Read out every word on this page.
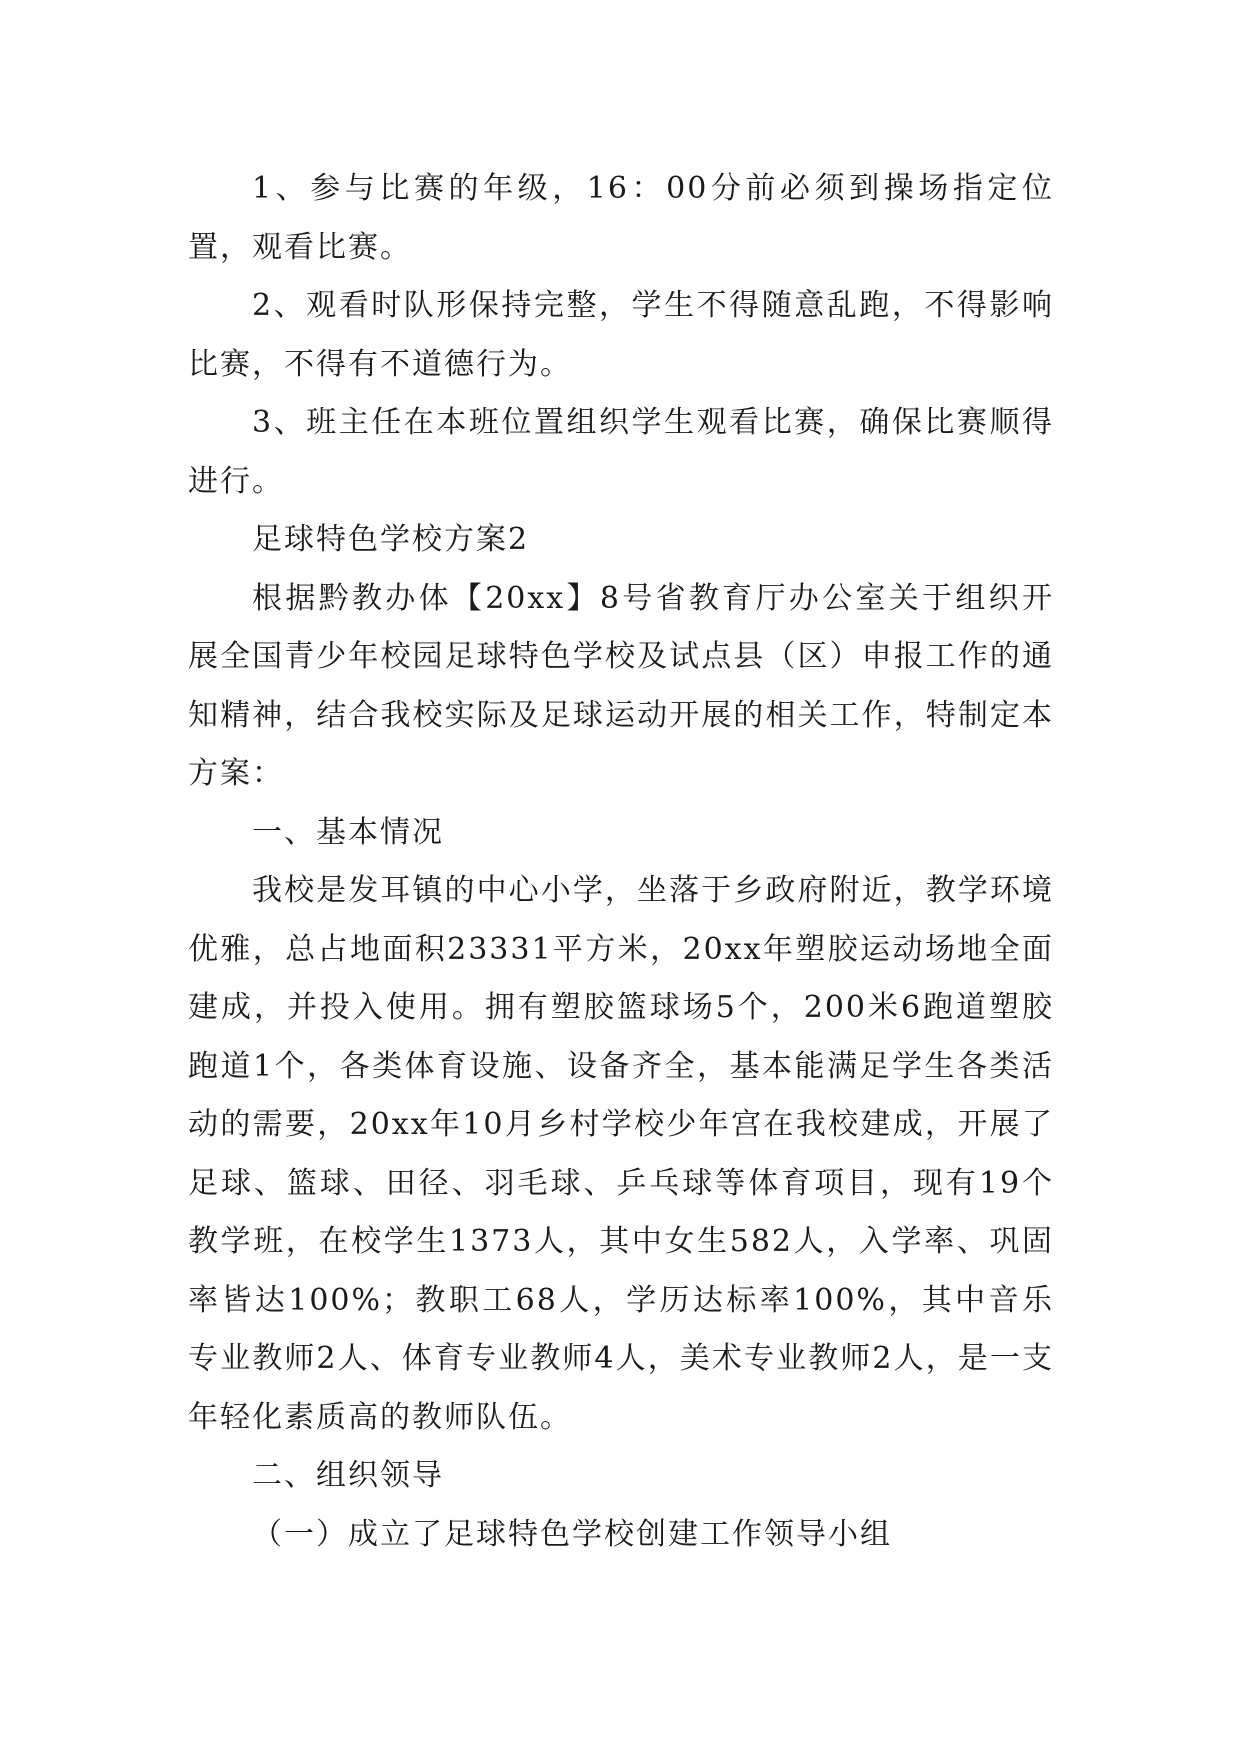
1、参与比赛的年级，16：00分前必须到操场指定位置，观看比赛。

2、观看时队形保持完整，学生不得随意乱跑，不得影响比赛，不得有不道德行为。

3、班主任在本班位置组织学生观看比赛，确保比赛顺得进行。

足球特色学校方案2

根据黔教办体【20xx】8号省教育厅办公室关于组织开展全国青少年校园足球特色学校及试点县（区）申报工作的通知精神，结合我校实际及足球运动开展的相关工作，特制定本方案：

一、基本情况

我校是发耳镇的中心小学，坐落于乡政府附近，教学环境优雅，总占地面积23331平方米，20xx年塑胶运动场地全面建成，并投入使用。拥有塑胶篮球场5个，200米6跑道塑胶跑道1个，各类体育设施、设备齐全，基本能满足学生各类活动的需要，20xx年10月乡村学校少年宫在我校建成，开展了足球、篮球、田径、羽毛球、乒乓球等体育项目，现有19个教学班，在校学生1373人，其中女生582人，入学率、巩固率皆达100%；教职工68人，学历达标率100%，其中音乐专业教师2人、体育专业教师4人，美术专业教师2人，是一支年轻化素质高的教师队伍。

二、组织领导

（一）成立了足球特色学校创建工作领导小组
